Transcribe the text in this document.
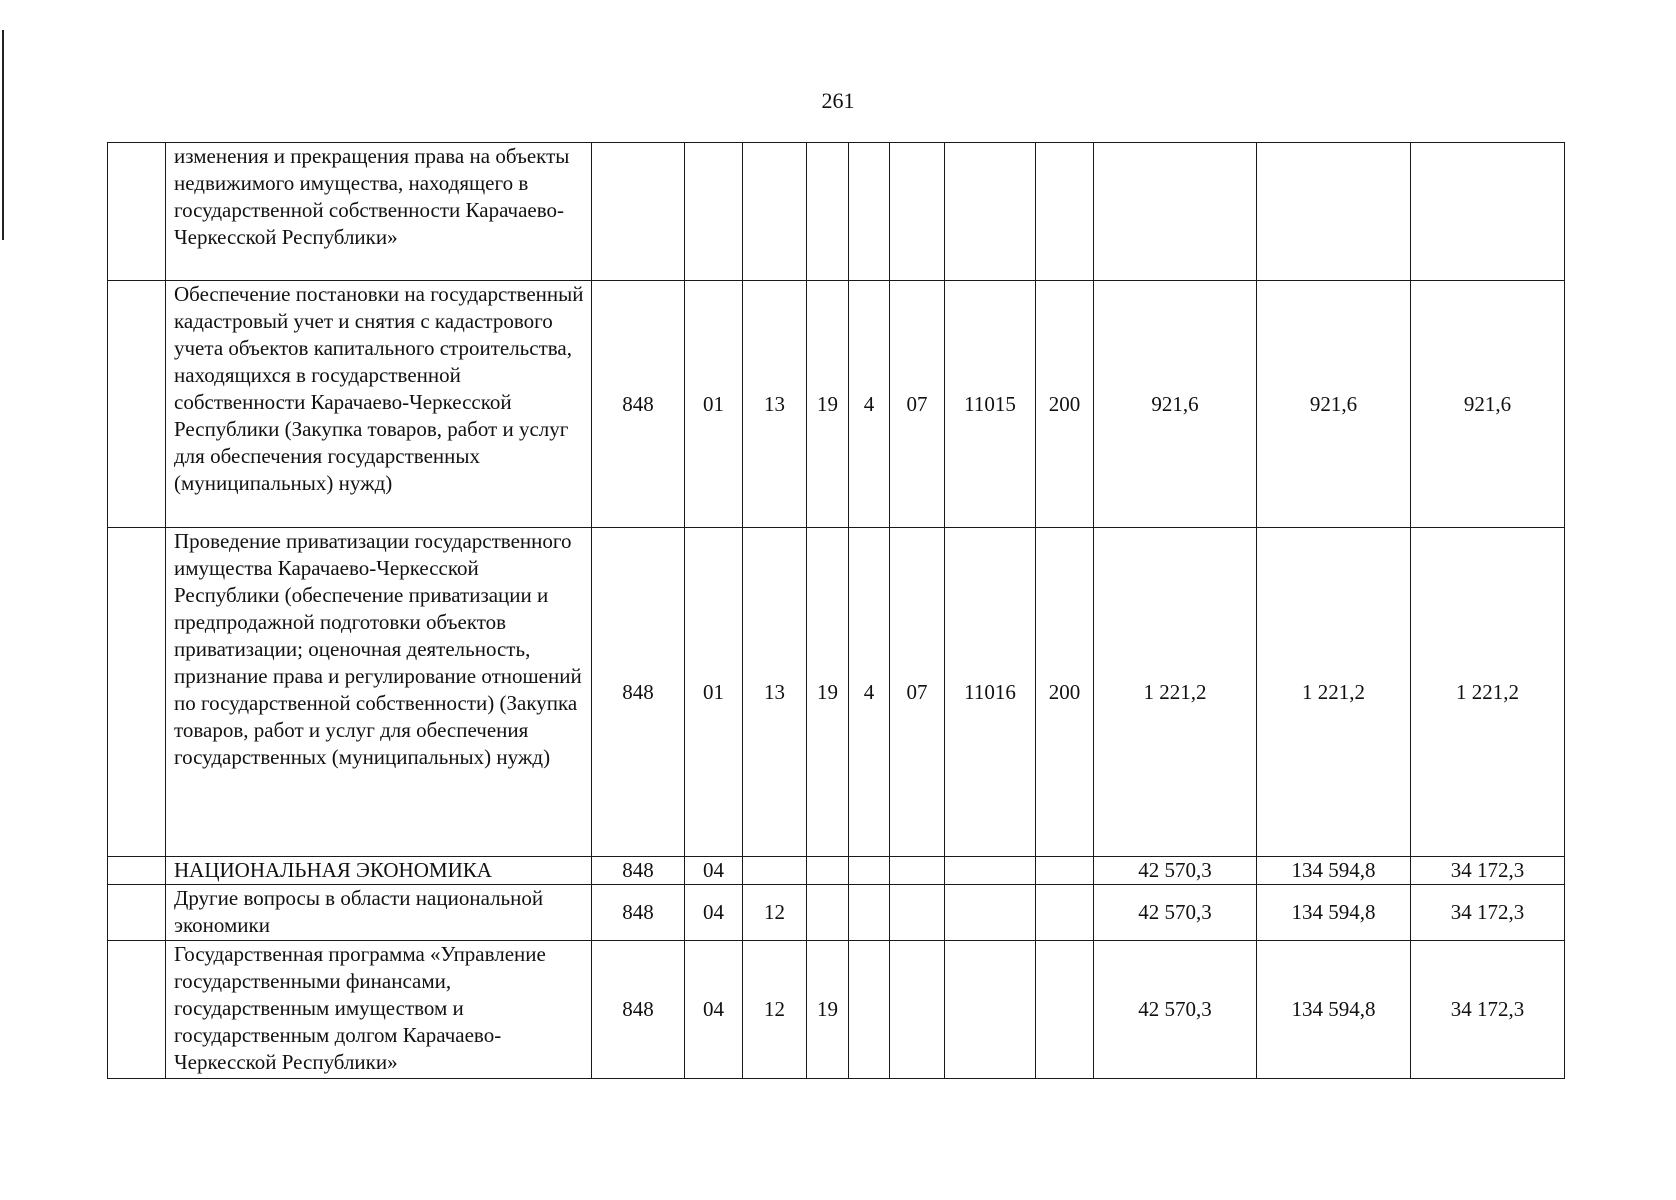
261
	изменения и прекращения права на объекты недвижимого имущества, находящего в государственной собственности Карачаево-Черкесской Республики»											
	Обеспечение постановки на государственный кадастровый учет и снятия с кадастрового учета объектов капитального строительства, находящихся в государственной собственности Карачаево-Черкесской Республики (Закупка товаров, работ и услуг для обеспечения государственных (муниципальных) нужд)	848	01	13	19	4	07	11015	200	921,6	921,6	921,6
	Проведение приватизации государственного имущества Карачаево-Черкесской Республики (обеспечение приватизации и предпродажной подготовки объектов приватизации; оценочная деятельность, признание права и регулирование отношений по государственной собственности) (Закупка товаров, работ и услуг для обеспечения государственных (муниципальных) нужд)	848	01	13	19	4	07	11016	200	1 221,2	1 221,2	1 221,2
	НАЦИОНАЛЬНАЯ ЭКОНОМИКА	848	04							42 570,3	134 594,8	34 172,3
	Другие вопросы в области национальной экономики	848	04	12						42 570,3	134 594,8	34 172,3
	Государственная программа «Управление государственными финансами, государственным имуществом и государственным долгом Карачаево-Черкесской Республики»	848	04	12	19					42 570,3	134 594,8	34 172,3
